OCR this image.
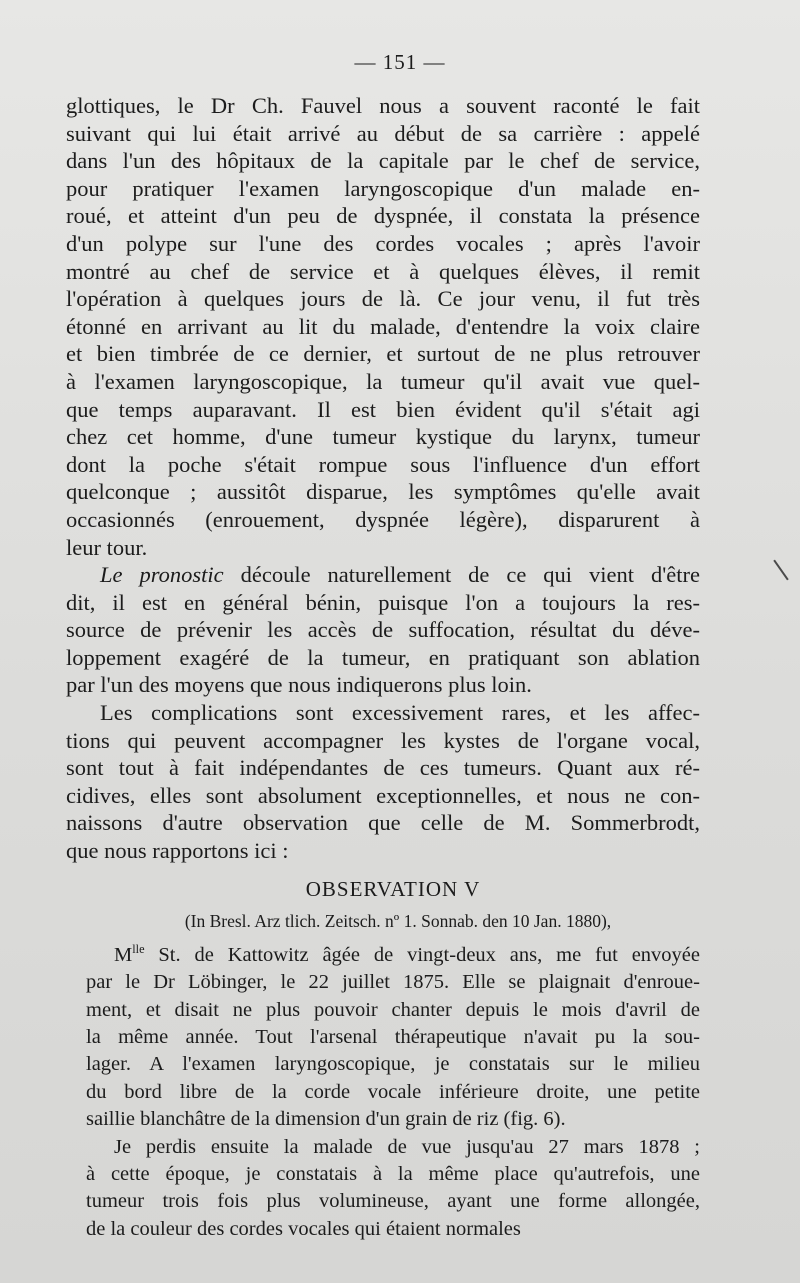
— 151 —
glottiques, le Dr Ch. Fauvel nous a souvent raconté le fait
suivant qui lui était arrivé au début de sa carrière : appelé
dans l'un des hôpitaux de la capitale par le chef de service,
pour pratiquer l'examen laryngoscopique d'un malade en-
roué, et atteint d'un peu de dyspnée, il constata la présence
d'un polype sur l'une des cordes vocales ; après l'avoir
montré au chef de service et à quelques élèves, il remit
l'opération à quelques jours de là. Ce jour venu, il fut très
étonné en arrivant au lit du malade, d'entendre la voix claire
et bien timbrée de ce dernier, et surtout de ne plus retrouver
à l'examen laryngoscopique, la tumeur qu'il avait vue quel-
que temps auparavant. Il est bien évident qu'il s'était agi
chez cet homme, d'une tumeur kystique du larynx, tumeur
dont la poche s'était rompue sous l'influence d'un effort
quelconque ; aussitôt disparue, les symptômes qu'elle avait
occasionnés (enrouement, dyspnée légère), disparurent à
leur tour.
Le pronostic découle naturellement de ce qui vient d'être
dit, il est en général bénin, puisque l'on a toujours la res-
source de prévenir les accès de suffocation, résultat du déve-
loppement exagéré de la tumeur, en pratiquant son ablation
par l'un des moyens que nous indiquerons plus loin.
Les complications sont excessivement rares, et les affec-
tions qui peuvent accompagner les kystes de l'organe vocal,
sont tout à fait indépendantes de ces tumeurs. Quant aux ré-
cidives, elles sont absolument exceptionnelles, et nous ne con-
naissons d'autre observation que celle de M. Sommerbrodt,
que nous rapportons ici :
OBSERVATION V
(In Bresl. Arz tlich. Zeitsch. nº 1. Sonnab. den 10 Jan. 1880),
$M^{lle}$ St. de Kattowitz âgée de vingt-deux ans, me fut envoyée
par le Dr Löbinger, le 22 juillet 1875. Elle se plaignait d'enroue-
ment, et disait ne plus pouvoir chanter depuis le mois d'avril de
la même année. Tout l'arsenal thérapeutique n'avait pu la sou-
lager. A l'examen laryngoscopique, je constatais sur le milieu
du bord libre de la corde vocale inférieure droite, une petite
saillie blanchâtre de la dimension d'un grain de riz (fig. 6).
Je perdis ensuite la malade de vue jusqu'au 27 mars 1878 ;
à cette époque, je constatais à la même place qu'autrefois, une
tumeur trois fois plus volumineuse, ayant une forme allongée,
de la couleur des cordes vocales qui étaient normales
